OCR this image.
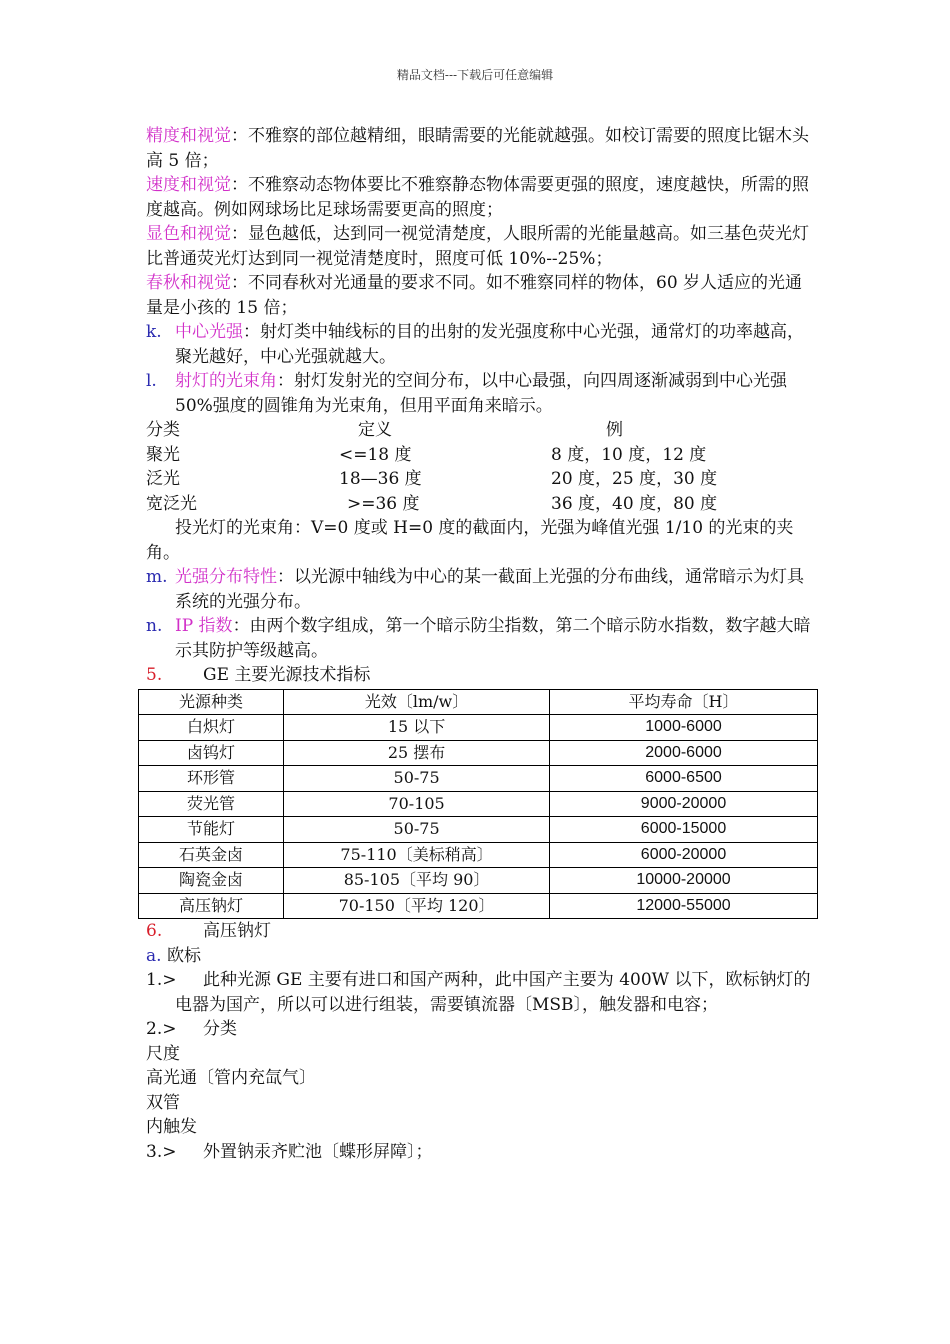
精品文档---下载后可任意编辑

精度和视觉：不雅察的部位越精细，眼睛需要的光能就越强。如校订需要的照度比锯木头高 5 倍；

速度和视觉：不雅察动态物体要比不雅察静态物体需要更强的照度，速度越快，所需的照度越高。例如网球场比足球场需要更高的照度；

显色和视觉：显色越低，达到同一视觉清楚度，人眼所需的光能量越高。如三基色荧光灯比普通荧光灯达到同一视觉清楚度时，照度可低 10%--25%；

春秋和视觉：不同春秋对光通量的要求不同。如不雅察同样的物体，60 岁人适应的光通量是小孩的 15 倍；

k. 中心光强：射灯类中轴线标的目的出射的发光强度称中心光强，通常灯的功率越高，聚光越好，中心光强就越大。
l.	射灯的光束角：射灯发射光的空间分布，以中心最强，向四周逐渐减弱到中心光强 50%强度的圆锥角为光束角，但用平面角来暗示。
分类	定义	例
聚光	<=18 度	8 度，10 度，12 度
泛光	18—36 度	20 度，25 度，30 度
宽泛光	>=36 度	36 度，40 度，80 度

投光灯的光束角：V=0 度或 H=0 度的截面内，光强为峰值光强 1/10 的光束的夹角。

m. 光强分布特性：以光源中轴线为中心的某一截面上光强的分布曲线，通常暗示为灯具系统的光强分布。
n. IP 指数：由两个数字组成，第一个暗示防尘指数，第二个暗示防水指数，数字越大暗示其防护等级越高。
5.	GE 主要光源技术指标
光源种类	光效〔lm/w〕	平均寿命〔H〕
白炽灯	15 以下	1000-6000
卤钨灯	25 摆布	2000-6000
环形管	50-75	6000-6500
荧光管	70-105	9000-20000
节能灯	50-75	6000-15000
石英金卤	75-110〔美标稍高〕	6000-20000
陶瓷金卤	85-105〔平均 90〕	10000-20000
高压钠灯	70-150〔平均 120〕	12000-55000
6.	高压钠灯
a. 欧标
1.>	此种光源 GE 主要有进口和国产两种，此中国产主要为 400W 以下，欧标钠灯的电器为国产，所以可以进行组装，需要镇流器〔MSB〕，触发器和电容；
2.>	分类
尺度
高光通〔管内充氙气〕
双管
内触发
3.>	外置钠汞齐贮池〔蝶形屏障〕；
